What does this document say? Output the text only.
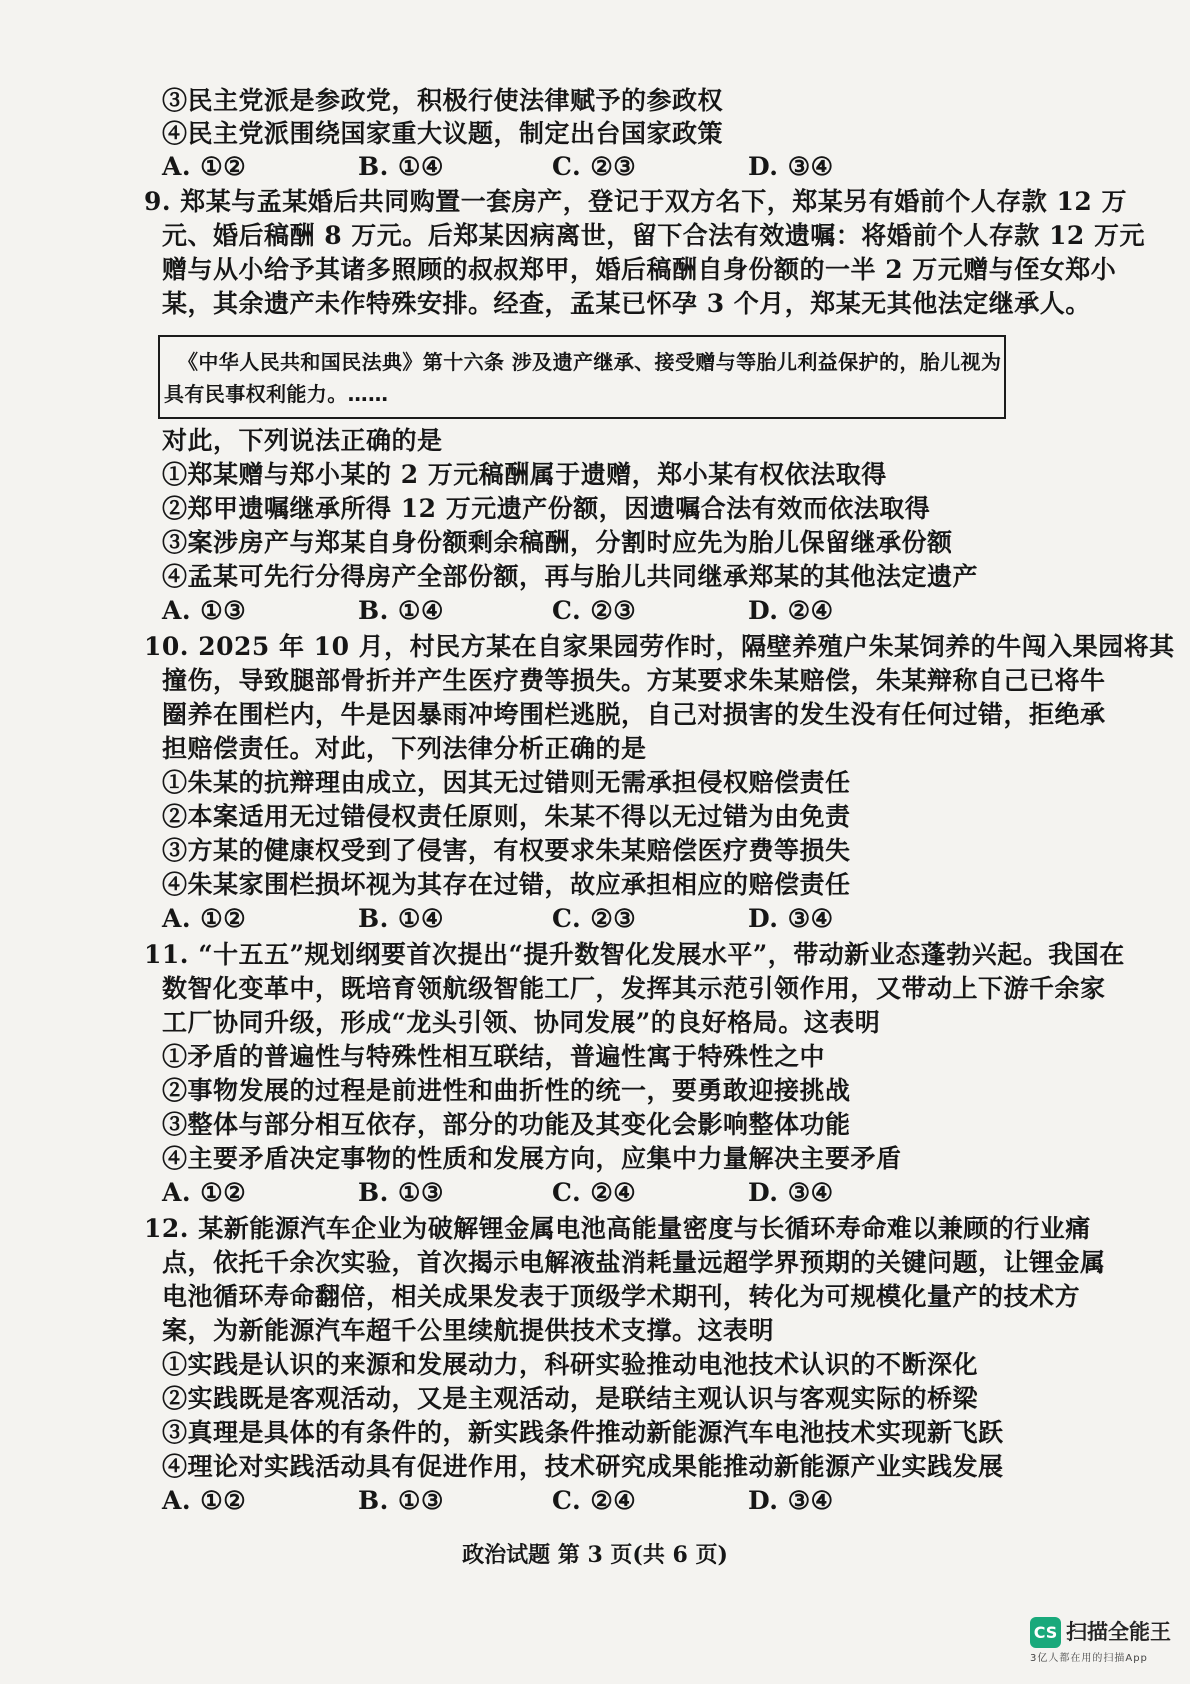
③民主党派是参政党，积极行使法律赋予的参政权
④民主党派围绕国家重大议题，制定出台国家政策
A. ①②	B. ①④	C. ②③	D. ③④
9. 郑某与孟某婚后共同购置一套房产，登记于双方名下，郑某另有婚前个人存款 12 万
元、婚后稿酬 8 万元。后郑某因病离世，留下合法有效遗嘱：将婚前个人存款 12 万元
赠与从小给予其诸多照顾的叔叔郑甲，婚后稿酬自身份额的一半 2 万元赠与侄女郑小
某，其余遗产未作特殊安排。经查，孟某已怀孕 3 个月，郑某无其他法定继承人。
《中华人民共和国民法典》第十六条 涉及遗产继承、接受赠与等胎儿利益保护的，胎儿视为
具有民事权利能力。……
对此，下列说法正确的是
①郑某赠与郑小某的 2 万元稿酬属于遗赠，郑小某有权依法取得
②郑甲遗嘱继承所得 12 万元遗产份额，因遗嘱合法有效而依法取得
③案涉房产与郑某自身份额剩余稿酬，分割时应先为胎儿保留继承份额
④孟某可先行分得房产全部份额，再与胎儿共同继承郑某的其他法定遗产
A. ①③	B. ①④	C. ②③	D. ②④
10. 2025 年 10 月，村民方某在自家果园劳作时，隔壁养殖户朱某饲养的牛闯入果园将其
撞伤，导致腿部骨折并产生医疗费等损失。方某要求朱某赔偿，朱某辩称自己已将牛
圈养在围栏内，牛是因暴雨冲垮围栏逃脱，自己对损害的发生没有任何过错，拒绝承
担赔偿责任。对此，下列法律分析正确的是
①朱某的抗辩理由成立，因其无过错则无需承担侵权赔偿责任
②本案适用无过错侵权责任原则，朱某不得以无过错为由免责
③方某的健康权受到了侵害，有权要求朱某赔偿医疗费等损失
④朱某家围栏损坏视为其存在过错，故应承担相应的赔偿责任
A. ①②	B. ①④	C. ②③	D. ③④
11. “十五五”规划纲要首次提出“提升数智化发展水平”，带动新业态蓬勃兴起。我国在
数智化变革中，既培育领航级智能工厂，发挥其示范引领作用，又带动上下游千余家
工厂协同升级，形成“龙头引领、协同发展”的良好格局。这表明
①矛盾的普遍性与特殊性相互联结，普遍性寓于特殊性之中
②事物发展的过程是前进性和曲折性的统一，要勇敢迎接挑战
③整体与部分相互依存，部分的功能及其变化会影响整体功能
④主要矛盾决定事物的性质和发展方向，应集中力量解决主要矛盾
A. ①②	B. ①③	C. ②④	D. ③④
12. 某新能源汽车企业为破解锂金属电池高能量密度与长循环寿命难以兼顾的行业痛
点，依托千余次实验，首次揭示电解液盐消耗量远超学界预期的关键问题，让锂金属
电池循环寿命翻倍，相关成果发表于顶级学术期刊，转化为可规模化量产的技术方
案，为新能源汽车超千公里续航提供技术支撑。这表明
①实践是认识的来源和发展动力，科研实验推动电池技术认识的不断深化
②实践既是客观活动，又是主观活动，是联结主观认识与客观实际的桥梁
③真理是具体的有条件的，新实践条件推动新能源汽车电池技术实现新飞跃
④理论对实践活动具有促进作用，技术研究成果能推动新能源产业实践发展
A. ①②	B. ①③	C. ②④	D. ③④
政治试题 第 3 页(共 6 页)
CS 扫描全能王
3亿人都在用的扫描App
